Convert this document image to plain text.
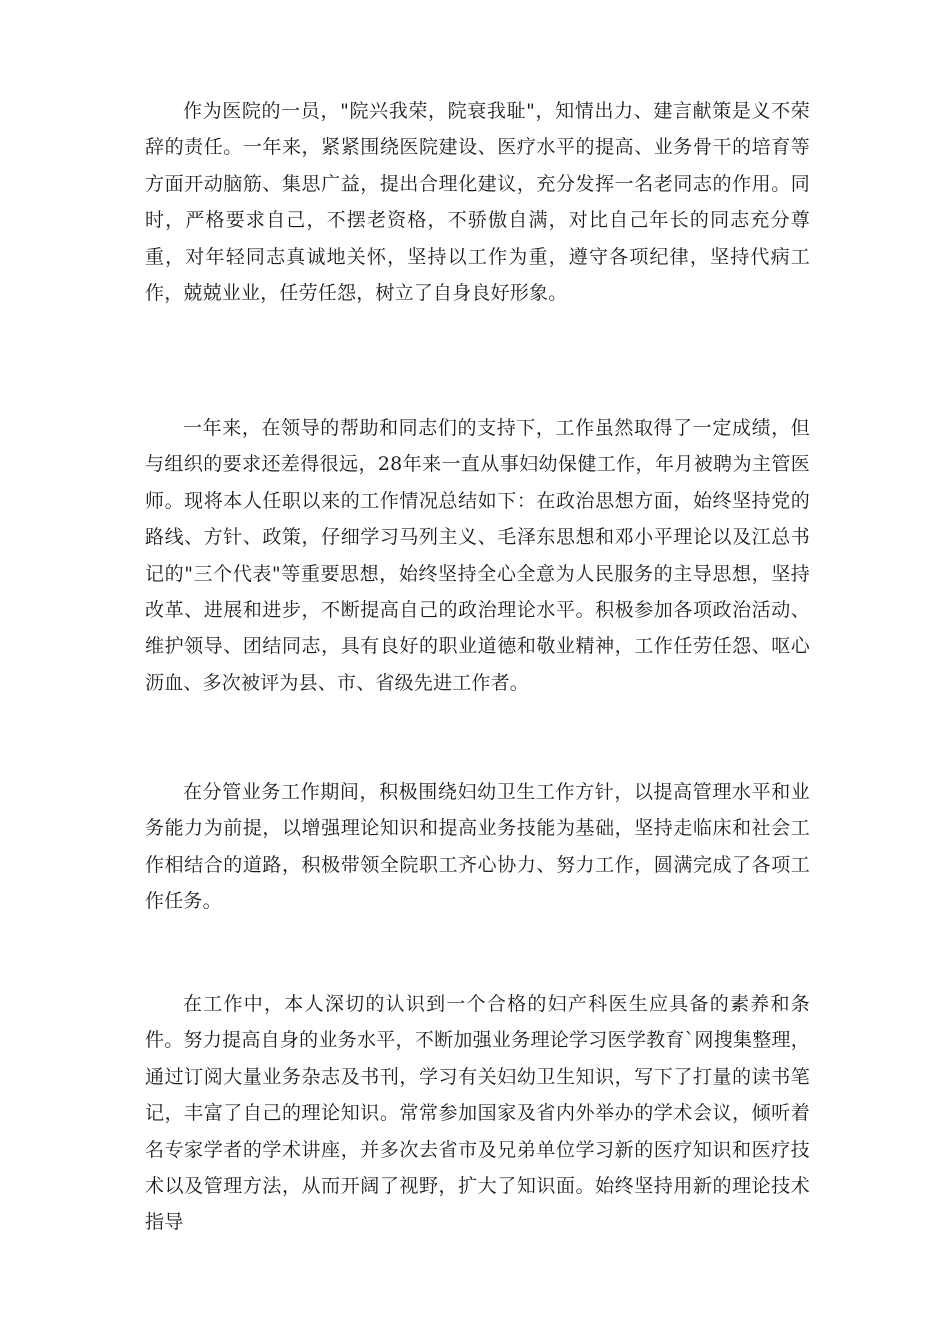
作为医院的一员，"院兴我荣，院衰我耻"，知情出力、建言献策是义不荣辞的责任。一年来，紧紧围绕医院建设、医疗水平的提高、业务骨干的培育等方面开动脑筋、集思广益，提出合理化建议，充分发挥一名老同志的作用。同时，严格要求自己，不摆老资格，不骄傲自满，对比自己年长的同志充分尊重，对年轻同志真诚地关怀，坚持以工作为重，遵守各项纪律，坚持代病工作，兢兢业业，任劳任怨，树立了自身良好形象。

一年来，在领导的帮助和同志们的支持下，工作虽然取得了一定成绩，但与组织的要求还差得很远，28年来一直从事妇幼保健工作，年月被聘为主管医师。现将本人任职以来的工作情况总结如下：在政治思想方面，始终坚持党的路线、方针、政策，仔细学习马列主义、毛泽东思想和邓小平理论以及江总书记的"三个代表"等重要思想，始终坚持全心全意为人民服务的主导思想，坚持改革、进展和进步，不断提高自己的政治理论水平。积极参加各项政治活动、维护领导、团结同志，具有良好的职业道德和敬业精神，工作任劳任怨、呕心沥血、多次被评为县、市、省级先进工作者。

在分管业务工作期间，积极围绕妇幼卫生工作方针，以提高管理水平和业务能力为前提，以增强理论知识和提高业务技能为基础，坚持走临床和社会工作相结合的道路，积极带领全院职工齐心协力、努力工作，圆满完成了各项工作任务。

在工作中，本人深切的认识到一个合格的妇产科医生应具备的素养和条件。努力提高自身的业务水平，不断加强业务理论学习医学教育`网搜集整理，通过订阅大量业务杂志及书刊，学习有关妇幼卫生知识，写下了打量的读书笔记，丰富了自己的理论知识。常常参加国家及省内外举办的学术会议，倾听着名专家学者的学术讲座，并多次去省市及兄弟单位学习新的医疗知识和医疗技术以及管理方法，从而开阔了视野，扩大了知识面。始终坚持用新的理论技术指导
